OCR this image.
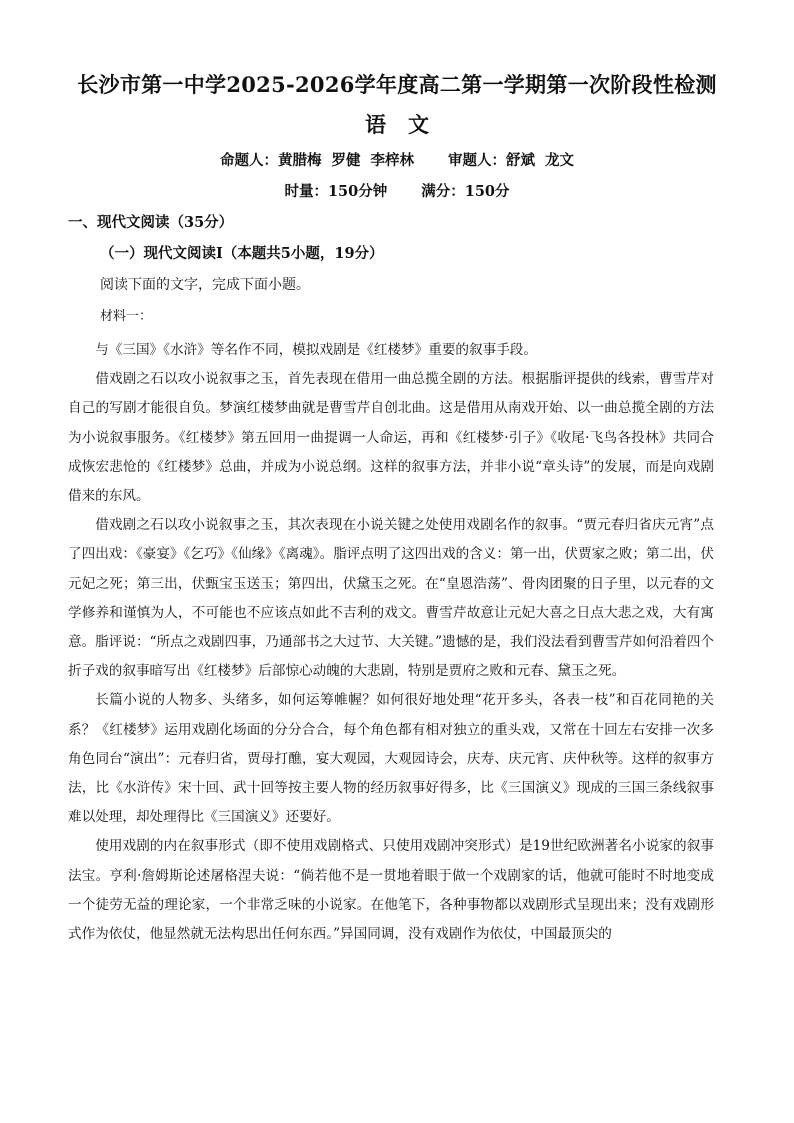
长沙市第一中学2025-2026学年度高二第一学期第一次阶段性检测
语文
命题人：黄腊梅 罗健 李梓林 审题人：舒斌 龙文
时量：150分钟 满分：150分
一、现代文阅读（35分）
（一）现代文阅读Ⅰ（本题共5小题，19分）
阅读下面的文字，完成下面小题。
材料一：

与《三国》《水浒》等名作不同，模拟戏剧是《红楼梦》重要的叙事手段。

借戏剧之石以攻小说叙事之玉，首先表现在借用一曲总揽全剧的方法。根据脂评提供的线索，曹雪芹对自己的写剧才能很自负。梦演红楼梦曲就是曹雪芹自创北曲。这是借用从南戏开始、以一曲总揽全剧的方法为小说叙事服务。《红楼梦》第五回用一曲提调一人命运，再和《红楼梦·引子》《收尾·飞鸟各投林》共同合成恢宏悲怆的《红楼梦》总曲，并成为小说总纲。这样的叙事方法，并非小说“章头诗”的发展，而是向戏剧借来的东风。

借戏剧之石以攻小说叙事之玉，其次表现在小说关键之处使用戏剧名作的叙事。“贾元春归省庆元宵”点了四出戏：《豪宴》《乞巧》《仙缘》《离魂》。脂评点明了这四出戏的含义：第一出，伏贾家之败；第二出，伏元妃之死；第三出，伏甄宝玉送玉；第四出，伏黛玉之死。在“皇恩浩荡”、骨肉团聚的日子里，以元春的文学修养和谨慎为人，不可能也不应该点如此不吉利的戏文。曹雪芹故意让元妃大喜之日点大悲之戏，大有寓意。脂评说：“所点之戏剧四事，乃通部书之大过节、大关键。”遗憾的是，我们没法看到曹雪芹如何沿着四个折子戏的叙事暗写出《红楼梦》后部惊心动魄的大悲剧，特别是贾府之败和元春、黛玉之死。

长篇小说的人物多、头绪多，如何运筹帷幄？如何很好地处理“花开多头，各表一枝”和百花同艳的关系？《红楼梦》运用戏剧化场面的分分合合，每个角色都有相对独立的重头戏，又常在十回左右安排一次多角色同台“演出”：元春归省，贾母打醮，宴大观园，大观园诗会，庆寿、庆元宵、庆仲秋等。这样的叙事方法，比《水浒传》宋十回、武十回等按主要人物的经历叙事好得多，比《三国演义》现成的三国三条线叙事难以处理，却处理得比《三国演义》还要好。

使用戏剧的内在叙事形式（即不使用戏剧格式、只使用戏剧冲突形式）是19世纪欧洲著名小说家的叙事法宝。亨利·詹姆斯论述屠格涅夫说：“倘若他不是一贯地着眼于做一个戏剧家的话，他就可能时不时地变成一个徒劳无益的理论家，一个非常乏味的小说家。在他笔下，各种事物都以戏剧形式呈现出来；没有戏剧形式作为依仗，他显然就无法构思出任何东西。”异国同调，没有戏剧作为依仗，中国最顶尖的
